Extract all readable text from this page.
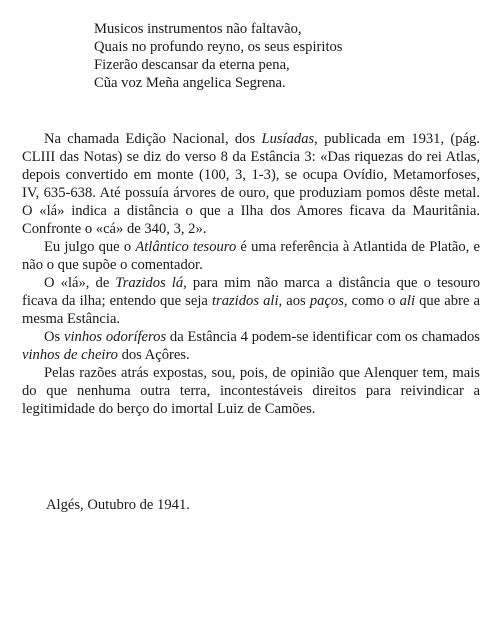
Musicos instrumentos não faltavão,
Quais no profundo reyno, os seus espiritos
Fizerão descansar da eterna pena,
Cũa voz Meña angelica Segrena.

Na chamada Edição Nacional, dos Lusíadas, publicada em 1931, (pág. CLIII das Notas) se diz do verso 8 da Estância 3: «Das riquezas do rei Atlas, depois convertido em monte (100, 3, 1-3), se ocupa Ovídio, Metamorfoses, IV, 635-638. Até possuía árvores de ouro, que produziam pomos dêste metal. O «lá» indica a distância o que a Ilha dos Amores ficava da Mauritânia. Confronte o «cá» de 340, 3, 2».

Eu julgo que o Atlântico tesouro é uma referência à Atlantida de Platão, e não o que supõe o comentador.

O «lá», de Trazidos lá, para mim não marca a distância que o tesouro ficava da ilha; entendo que seja trazidos ali, aos paços, como o ali que abre a mesma Estância.

Os vinhos odoríferos da Estância 4 podem-se identificar com os chamados vinhos de cheiro dos Açôres.

Pelas razões atrás expostas, sou, pois, de opinião que Alenquer tem, mais do que nenhuma outra terra, incontestáveis direitos para reivindicar a legitimidade do berço do imortal Luiz de Camões.

Algés, Outubro de 1941.
